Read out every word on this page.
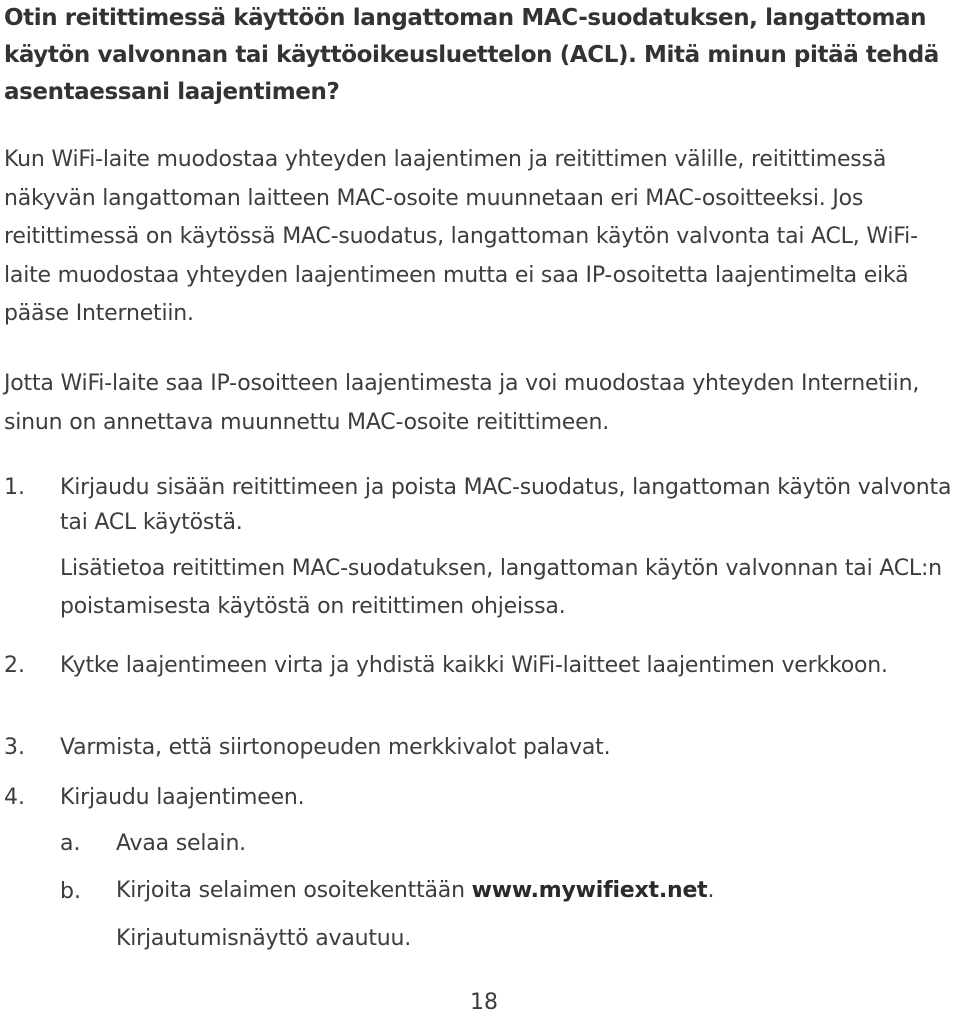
Otin reitittimessä käyttöön langattoman MAC-suodatuksen, langattoman käytön valvonnan tai käyttöoikeusluettelon (ACL). Mitä minun pitää tehdä asentaessani laajentimen?

Kun WiFi-laite muodostaa yhteyden laajentimen ja reitittimen välille, reitittimessä näkyvän langattoman laitteen MAC-osoite muunnetaan eri MAC-osoitteeksi. Jos reitittimessä on käytössä MAC-suodatus, langattoman käytön valvonta tai ACL, WiFi-laite muodostaa yhteyden laajentimeen mutta ei saa IP-osoitetta laajentimelta eikä pääse Internetiin.

Jotta WiFi-laite saa IP-osoitteen laajentimesta ja voi muodostaa yhteyden Internetiin, sinun on annettava muunnettu MAC-osoite reitittimeen.

1.	Kirjaudu sisään reitittimeen ja poista MAC-suodatus, langattoman käytön valvonta tai ACL käytöstä.
Lisätietoa reitittimen MAC-suodatuksen, langattoman käytön valvonnan tai ACL:n poistamisesta käytöstä on reitittimen ohjeissa.
2.	Kytke laajentimeen virta ja yhdistä kaikki WiFi-laitteet laajentimen verkkoon.
3.	Varmista, että siirtonopeuden merkkivalot palavat.
4.	Kirjaudu laajentimeen.
a.	Avaa selain.
b.	Kirjoita selaimen osoitekenttään www.mywifiext.net.
Kirjautumisnäyttö avautuu.
18
